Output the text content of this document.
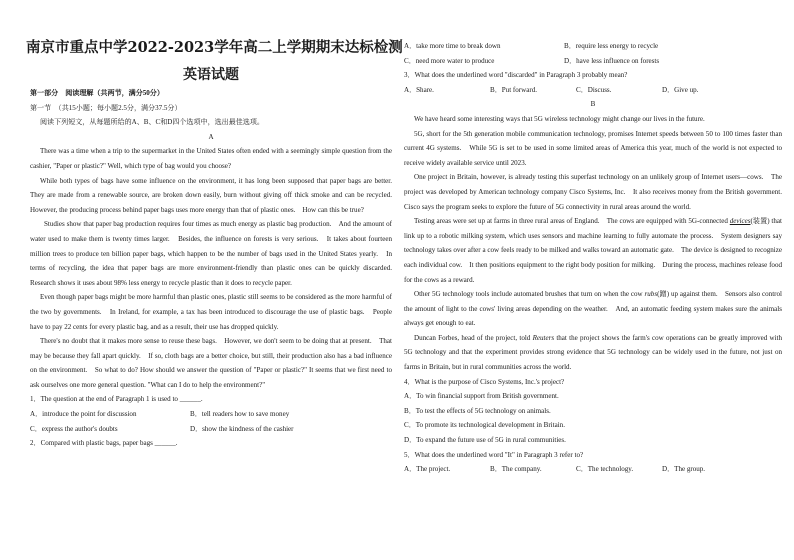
南京市重点中学2022-2023学年高二上学期期末达标检测
英语试题

第一部分　阅读理解（共两节，满分50分）

第一节　（共15小题；每小题2.5分，满分37.5分）

阅读下列短文，从每题所给的A、B、C和D四个选项中，选出最佳选项。

A

There was a time when a trip to the supermarket in the United States often ended with a seemingly simple question from the cashier, "Paper or plastic?" Well, which type of bag would you choose?

While both types of bags have some influence on the environment, it has long been supposed that paper bags are better.　They are made from a renewable source, are broken down easily, burn without giving off thick smoke and can be recycled.　However, the producing process behind paper bags uses more energy than that of plastic ones.　How can this be true?

Studies show that paper bag production requires four times as much energy as plastic bag production.　And the amount of water used to make them is twenty times larger.　Besides, the influence on forests is very serious.　It takes about fourteen million trees to produce ten billion paper bags, which happen to be the number of bags used in the United States yearly.　In terms of recycling, the idea that paper bags are more environment-friendly than plastic ones can be quickly discarded.　Research shows it uses about 98% less energy to recycle plastic than it does to recycle paper.

Even though paper bags might be more harmful than plastic ones, plastic still seems to be considered as the more harmful of the two by governments.　In Ireland, for example, a tax has been introduced to discourage the use of plastic bags.　People have to pay 22 cents for every plastic bag, and as a result, their use has dropped quickly.

There's no doubt that it makes more sense to reuse these bags.　However, we don't seem to be doing that at present.　That may be because they fall apart quickly.　If so, cloth bags are a better choice, but still, their production also has a bad influence on the environment.　So what to do? How should we answer the question of "Paper or plastic?" It seems that we first need to ask ourselves one more general question. "What can I do to help the environment?"

1．The question at the end of Paragraph 1 is used to ______.

A．introduce the point for discussion	B．tell readers how to save money
C．express the author's doubts	D．show the kindness of the cashier

2．Compared with plastic bags, paper bags ______.

A．take more time to break down	B．require less energy to recycle
C．need more water to produce	D．have less influence on forests

3．What does the underlined word "discarded" in Paragraph 3 probably mean?

A．Share.	B．Put forward.	C．Discuss.	D．Give up.

B

We have heard some interesting ways that 5G wireless technology might change our lives in the future.

5G, short for the 5th generation mobile communication technology, promises Internet speeds between 50 to 100 times faster than current 4G systems.　While 5G is set to be used in some limited areas of America this year, much of the world is not expected to receive widely available service until 2023.

One project in Britain, however, is already testing this superfast technology on an unlikely group of Internet users—cows.　The project was developed by American technology company Cisco Systems, Inc.　It also receives money from the British government.　Cisco says the program seeks to explore the future of 5G connectivity in rural areas around the world.

Testing areas were set up at farms in three rural areas of England.　The cows are equipped with 5G-connected devices(装置) that link up to a robotic milking system, which uses sensors and machine learning to fully automate the process.　System designers say technology takes over after a cow feels ready to be milked and walks toward an automatic gate.　The device is designed to recognize each individual cow.　It then positions equipment to the right body position for milking.　During the process, machines release food for the cows as a reward.

Other 5G technology tools include automated brushes that turn on when the cow rubs(蹭) up against them.　Sensors also control the amount of light to the cows' living areas depending on the weather.　And, an automatic feeding system makes sure the animals always get enough to eat.

Duncan Forbes, head of the project, told Reuters that the project shows the farm's cow operations can be greatly improved with 5G technology and that the experiment provides strong evidence that 5G technology can be widely used in the future, not just on farms in Britain, but in rural communities across the world.

4．What is the purpose of Cisco Systems, Inc.'s project?

A．To win financial support from British government.

B．To test the effects of 5G technology on animals.

C．To promote its technological development in Britain.

D．To expand the future use of 5G in rural communities.

5．What does the underlined word "It" in Paragraph 3 refer to?

A．The project.	B．The company.	C．The technology.	D．The group.
